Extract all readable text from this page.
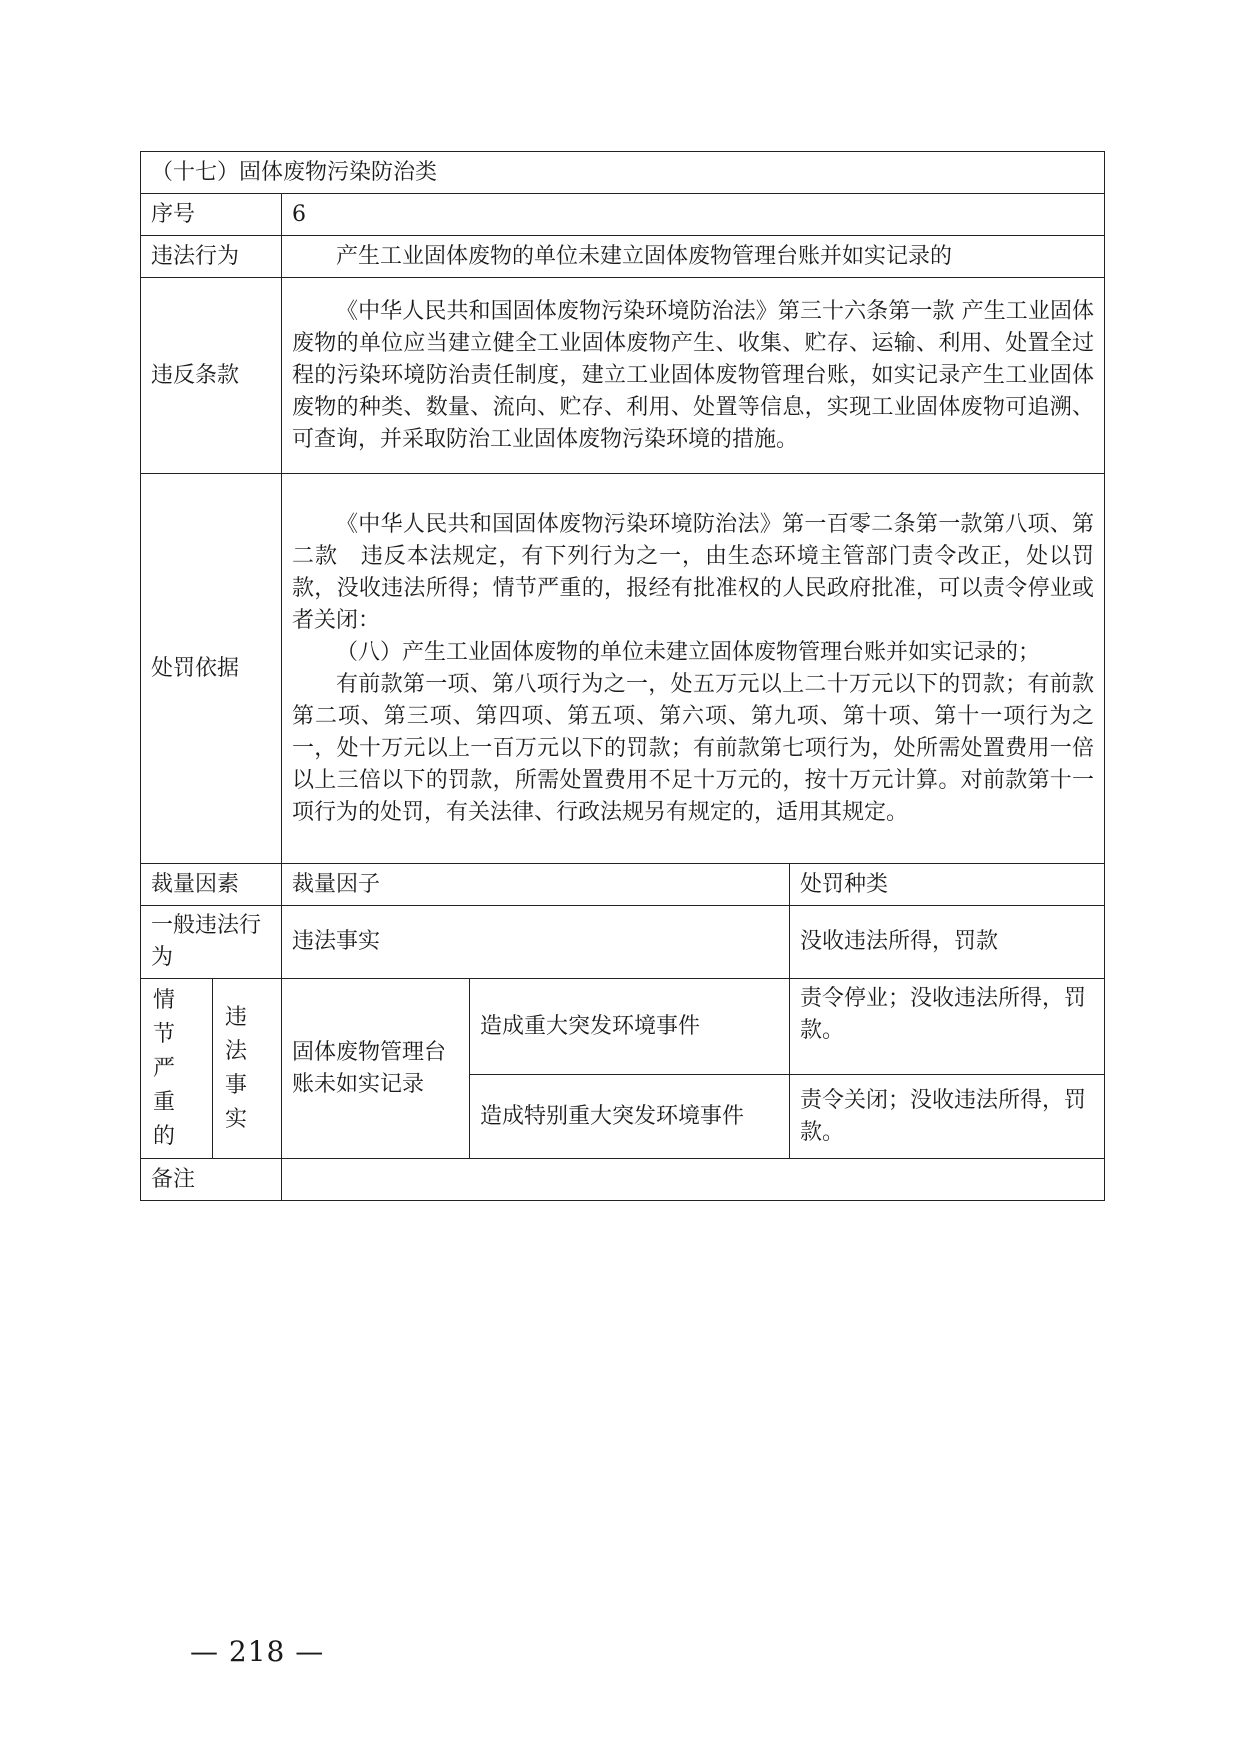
（十七）固体废物污染防治类				
序号		6		
违法行为		产生工业固体废物的单位未建立固体废物管理台账并如实记录的		

违反条款		《中华人民共和国固体废物污染环境防治法》第三十六条第一款 产生工业固体废物的单位应当建立健全工业固体废物产生、收集、贮存、运输、利用、处置全过程的污染环境防治责任制度，建立工业固体废物管理台账，如实记录产生工业固体废物的种类、数量、流向、贮存、利用、处置等信息，实现工业固体废物可追溯、可查询，并采取防治工业固体废物污染环境的措施。		

处罚依据		《中华人民共和国固体废物污染环境防治法》第一百零二条第一款第八项、第二款　违反本法规定，有下列行为之一，由生态环境主管部门责令改正，处以罚款，没收违法所得；情节严重的，报经有批准权的人民政府批准，可以责令停业或者关闭：

（八）产生工业固体废物的单位未建立固体废物管理台账并如实记录的；

有前款第一项、第八项行为之一，处五万元以上二十万元以下的罚款；有前款第二项、第三项、第四项、第五项、第六项、第九项、第十项、第十一项行为之一，处十万元以上一百万元以下的罚款；有前款第七项行为，处所需处置费用一倍以上三倍以下的罚款，所需处置费用不足十万元的，按十万元计算。对前款第十一项行为的处罚，有关法律、行政法规另有规定的，适用其规定。		

裁量因素		裁量因子		处罚种类
一般违法行为		违法事实		没收违法所得，罚款

情节严重的	违法事实	固体废物管理台账未如实记录	造成重大突发环境事件	责令停业；没收违法所得，罚款。
			造成特别重大突发环境事件	责令关闭；没收违法所得，罚款。
备注				
— 218 —
